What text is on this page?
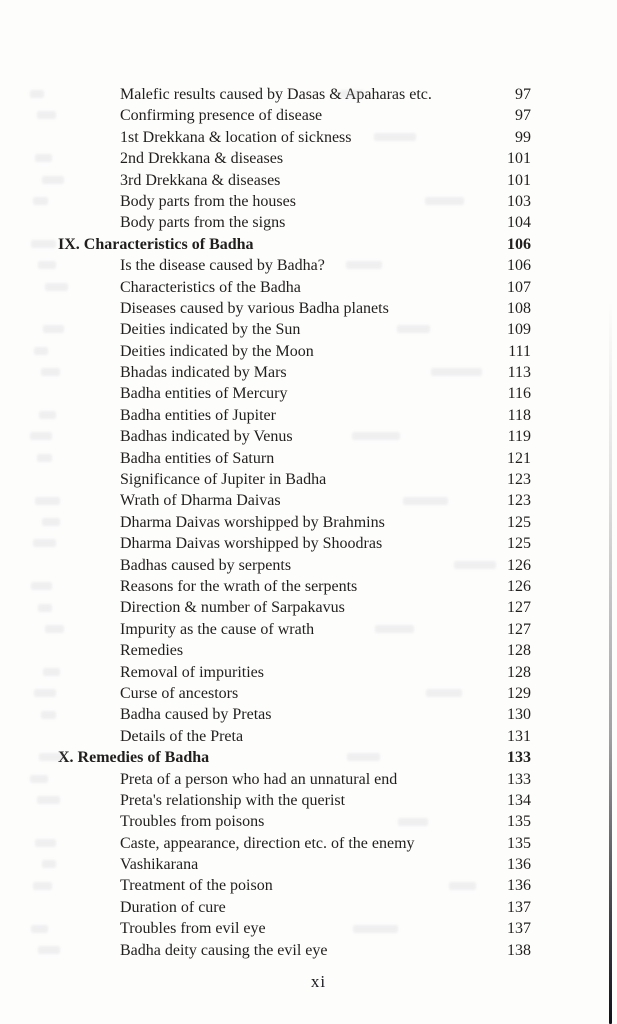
Malefic results caused by Dasas & Apaharas etc.	97
Confirming presence of disease	97
1st Drekkana & location of sickness	99
2nd Drekkana & diseases	101
3rd Drekkana & diseases	101
Body parts from the houses	103
Body parts from the signs	104
IX. Characteristics of Badha	106
Is the disease caused by Badha?	106
Characteristics of the Badha	107
Diseases caused by various Badha planets	108
Deities indicated by the Sun	109
Deities indicated by the Moon	111
Bhadas indicated by Mars	113
Badha entities of Mercury	116
Badha entities of Jupiter	118
Badhas indicated by Venus	119
Badha entities of Saturn	121
Significance of Jupiter in Badha	123
Wrath of Dharma Daivas	123
Dharma Daivas worshipped by Brahmins	125
Dharma Daivas worshipped by Shoodras	125
Badhas caused by serpents	126
Reasons for the wrath of the serpents	126
Direction & number of Sarpakavus	127
Impurity as the cause of wrath	127
Remedies	128
Removal of impurities	128
Curse of ancestors	129
Badha caused by Pretas	130
Details of the Preta	131
X. Remedies of Badha	133
Preta of a person who had an unnatural end	133
Preta's relationship with the querist	134
Troubles from poisons	135
Caste, appearance, direction etc. of the enemy	135
Vashikarana	136
Treatment of the poison	136
Duration of cure	137
Troubles from evil eye	137
Badha deity causing the evil eye	138
xi
